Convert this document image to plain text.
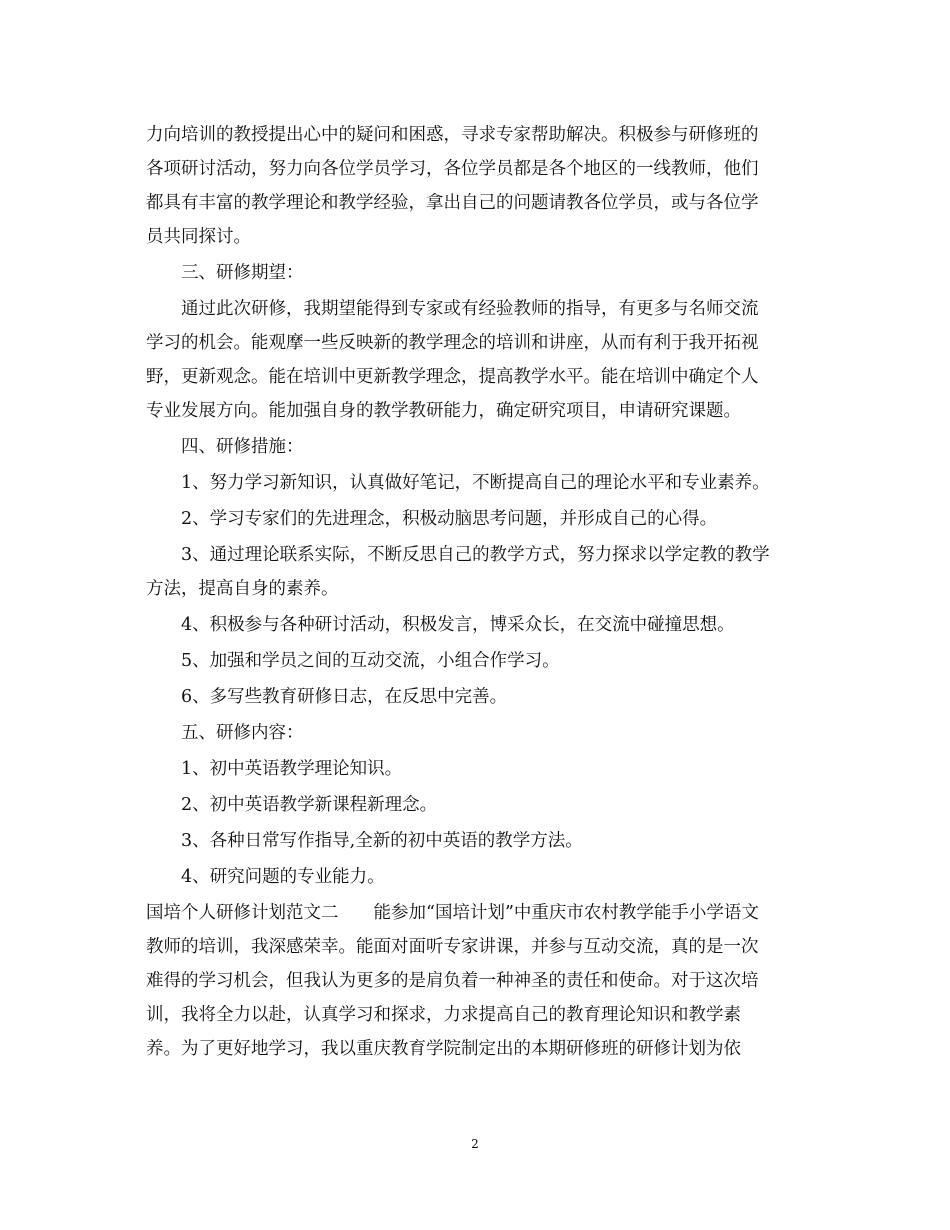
力向培训的教授提出心中的疑问和困惑，寻求专家帮助解决。积极参与研修班的
各项研讨活动，努力向各位学员学习，各位学员都是各个地区的一线教师，他们
都具有丰富的教学理论和教学经验，拿出自己的问题请教各位学员，或与各位学
员共同探讨。
　　三、研修期望：
　　通过此次研修，我期望能得到专家或有经验教师的指导，有更多与名师交流
学习的机会。能观摩一些反映新的教学理念的培训和讲座，从而有利于我开拓视
野，更新观念。能在培训中更新教学理念，提高教学水平。能在培训中确定个人
专业发展方向。能加强自身的教学教研能力，确定研究项目，申请研究课题。
　　四、研修措施：
　　1、努力学习新知识，认真做好笔记，不断提高自己的理论水平和专业素养。
　　2、学习专家们的先进理念，积极动脑思考问题，并形成自己的心得。
　　3、通过理论联系实际，不断反思自己的教学方式，努力探求以学定教的教学
方法，提高自身的素养。
　　4、积极参与各种研讨活动，积极发言，博采众长，在交流中碰撞思想。
　　5、加强和学员之间的互动交流，小组合作学习。
　　6、多写些教育研修日志，在反思中完善。
　　五、研修内容：
　　1、初中英语教学理论知识。
　　2、初中英语教学新课程新理念。
　　3、各种日常写作指导,全新的初中英语的教学方法。
　　4、研究问题的专业能力。
国培个人研修计划范文二　　能参加“国培计划”中重庆市农村教学能手小学语文
教师的培训，我深感荣幸。能面对面听专家讲课，并参与互动交流，真的是一次
难得的学习机会，但我认为更多的是肩负着一种神圣的责任和使命。对于这次培
训，我将全力以赴，认真学习和探求，力求提高自己的教育理论知识和教学素
养。为了更好地学习，我以重庆教育学院制定出的本期研修班的研修计划为依
2
